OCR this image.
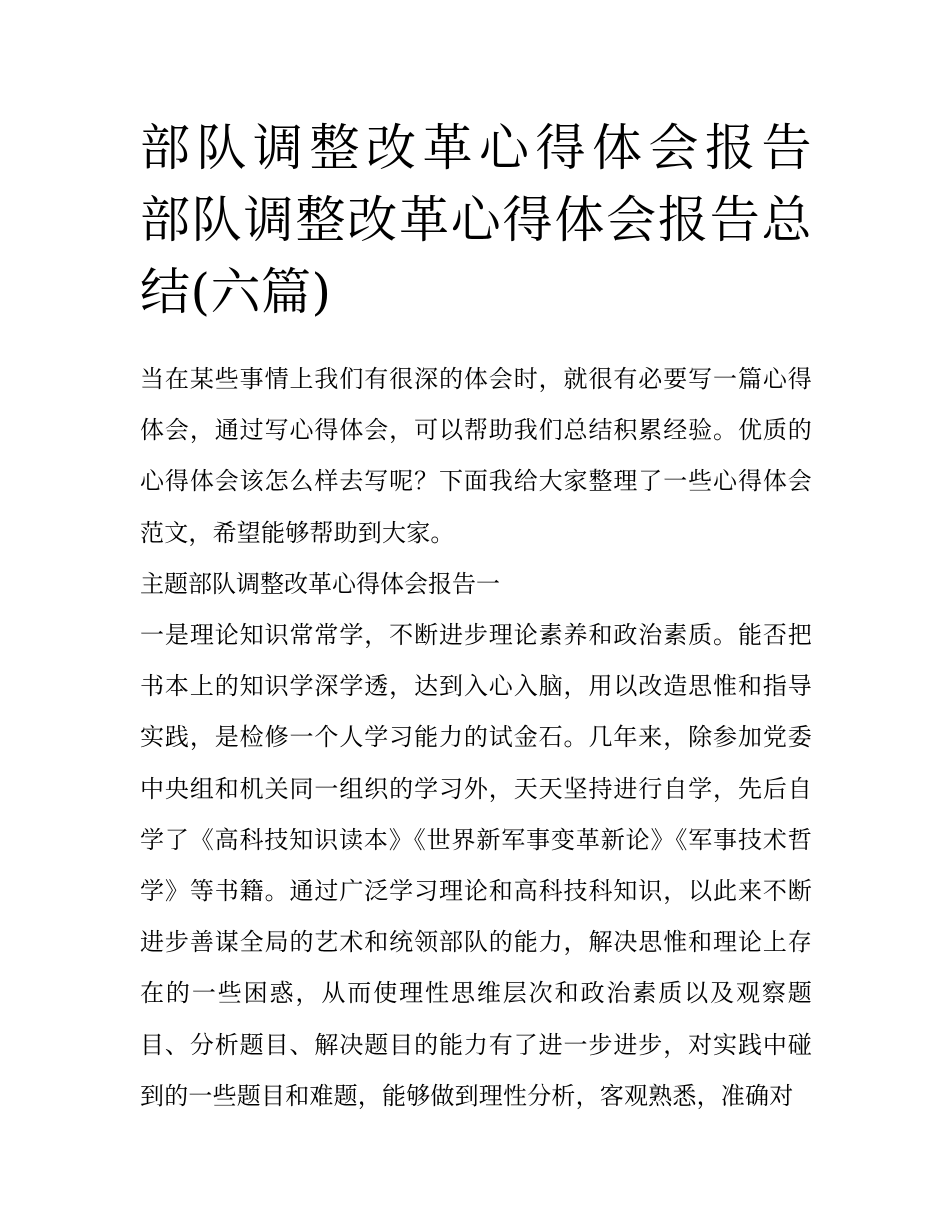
部队调整改革心得体会报告 部队调整改革心得体会报告总结(六篇)

当在某些事情上我们有很深的体会时，就很有必要写一篇心得体会，通过写心得体会，可以帮助我们总结积累经验。优质的心得体会该怎么样去写呢？下面我给大家整理了一些心得体会范文，希望能够帮助到大家。

主题部队调整改革心得体会报告一

一是理论知识常常学，不断进步理论素养和政治素质。能否把书本上的知识学深学透，达到入心入脑，用以改造思惟和指导实践，是检修一个人学习能力的试金石。几年来，除参加党委中央组和机关同一组织的学习外，天天坚持进行自学，先后自学了《高科技知识读本》《世界新军事变革新论》《军事技术哲学》等书籍。通过广泛学习理论和高科技科知识，以此来不断进步善谋全局的艺术和统领部队的能力，解决思惟和理论上存在的一些困惑，从而使理性思维层次和政治素质以及观察题目、分析题目、解决题目的能力有了进一步进步，对实践中碰到的一些题目和难题，能够做到理性分析，客观熟悉，准确对
